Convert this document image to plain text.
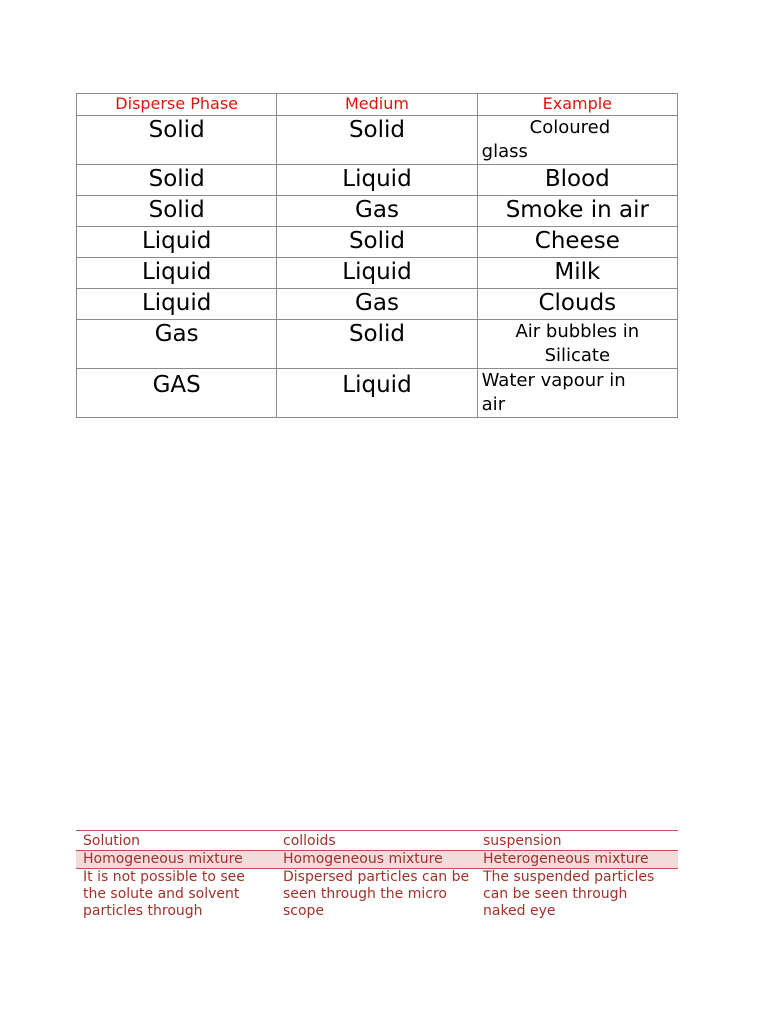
Disperse Phase	Medium	Example
Solid	Solid	Coloured
glass

Solid	Liquid	Blood
Solid	Gas	Smoke in air
Liquid	Solid	Cheese
Liquid	Liquid	Milk
Liquid	Gas	Clouds
Gas	Solid	Air bubbles in
Silicate

GAS	Liquid	Water vapour in
air
Solution	colloids	suspension
Homogeneous mixture	Homogeneous mixture	Heterogeneous mixture
It is not possible to see the solute and solvent particles through	Dispersed particles can be seen through the micro scope	The suspended particles can be seen through naked eye
